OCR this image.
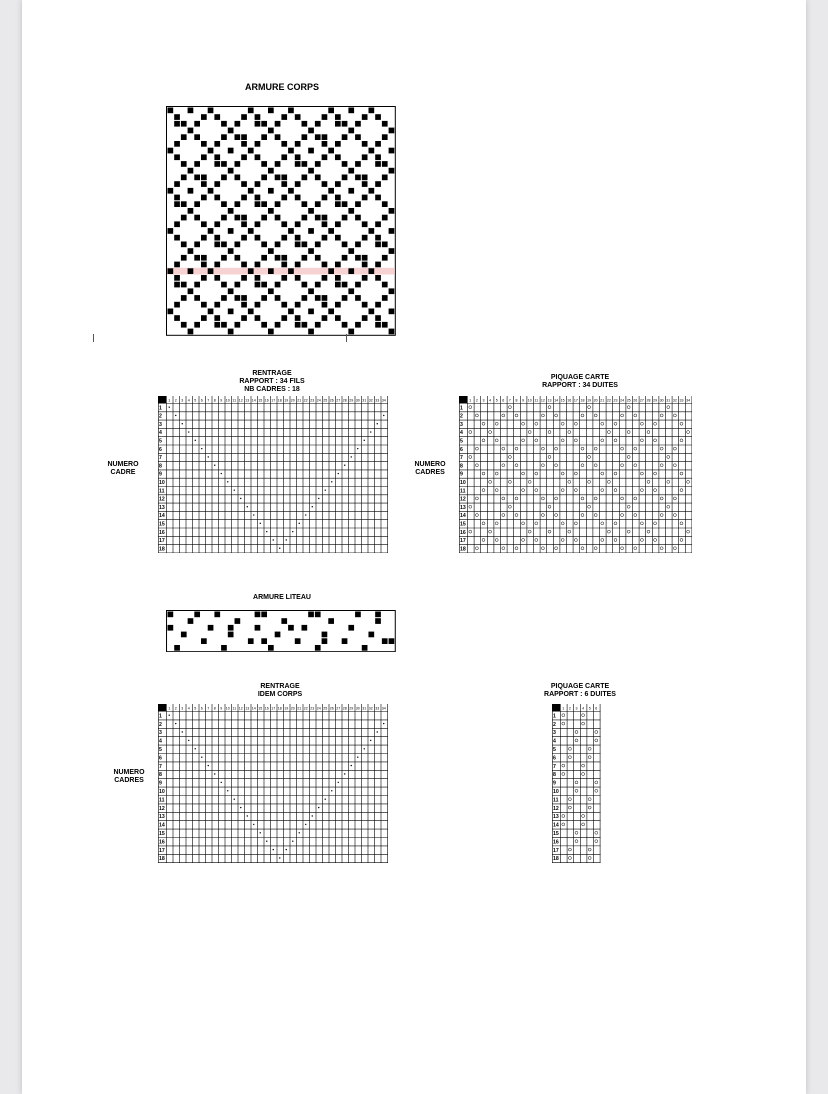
ARMURE CORPS
RENTRAGE
RAPPORT : 34 FILS
NB CADRES : 18
NUMERO
CADRE
1 2 3 4 5 6 7 8 9 10 11 12 13 14 15 16 17 18 19 20 21 22 23 24 25 26 27 28 29 30 31 32 33 34
1
2
3
4
5
6
7
8
9
10
11
12
13
14
15
16
17
18
PIQUAGE CARTE
RAPPORT : 34 DUITES
NUMERO
CADRES
1 2 3 4 5 6 7 8 9 10 11 12 13 14 15 16 17 18 19 20 21 22 23 24 25 26 27 28 29 30 31 32 33 34
1
2
3
4
5
6
7
8
9
10
11
12
13
14
15
16
17
18
ARMURE LITEAU
RENTRAGE
IDEM CORPS
NUMERO
CADRES
1 2 3 4 5 6 7 8 9 10 11 12 13 14 15 16 17 18 19 20 21 22 23 24 25 26 27 28 29 30 31 32 33 34
1
2
3
4
5
6
7
8
9
10
11
12
13
14
15
16
17
18
PIQUAGE CARTE
RAPPORT : 6 DUITES
1 2 3 4 5 6
1
2
3
4
5
6
7
8
9
10
11
12
13
14
15
16
17
18
